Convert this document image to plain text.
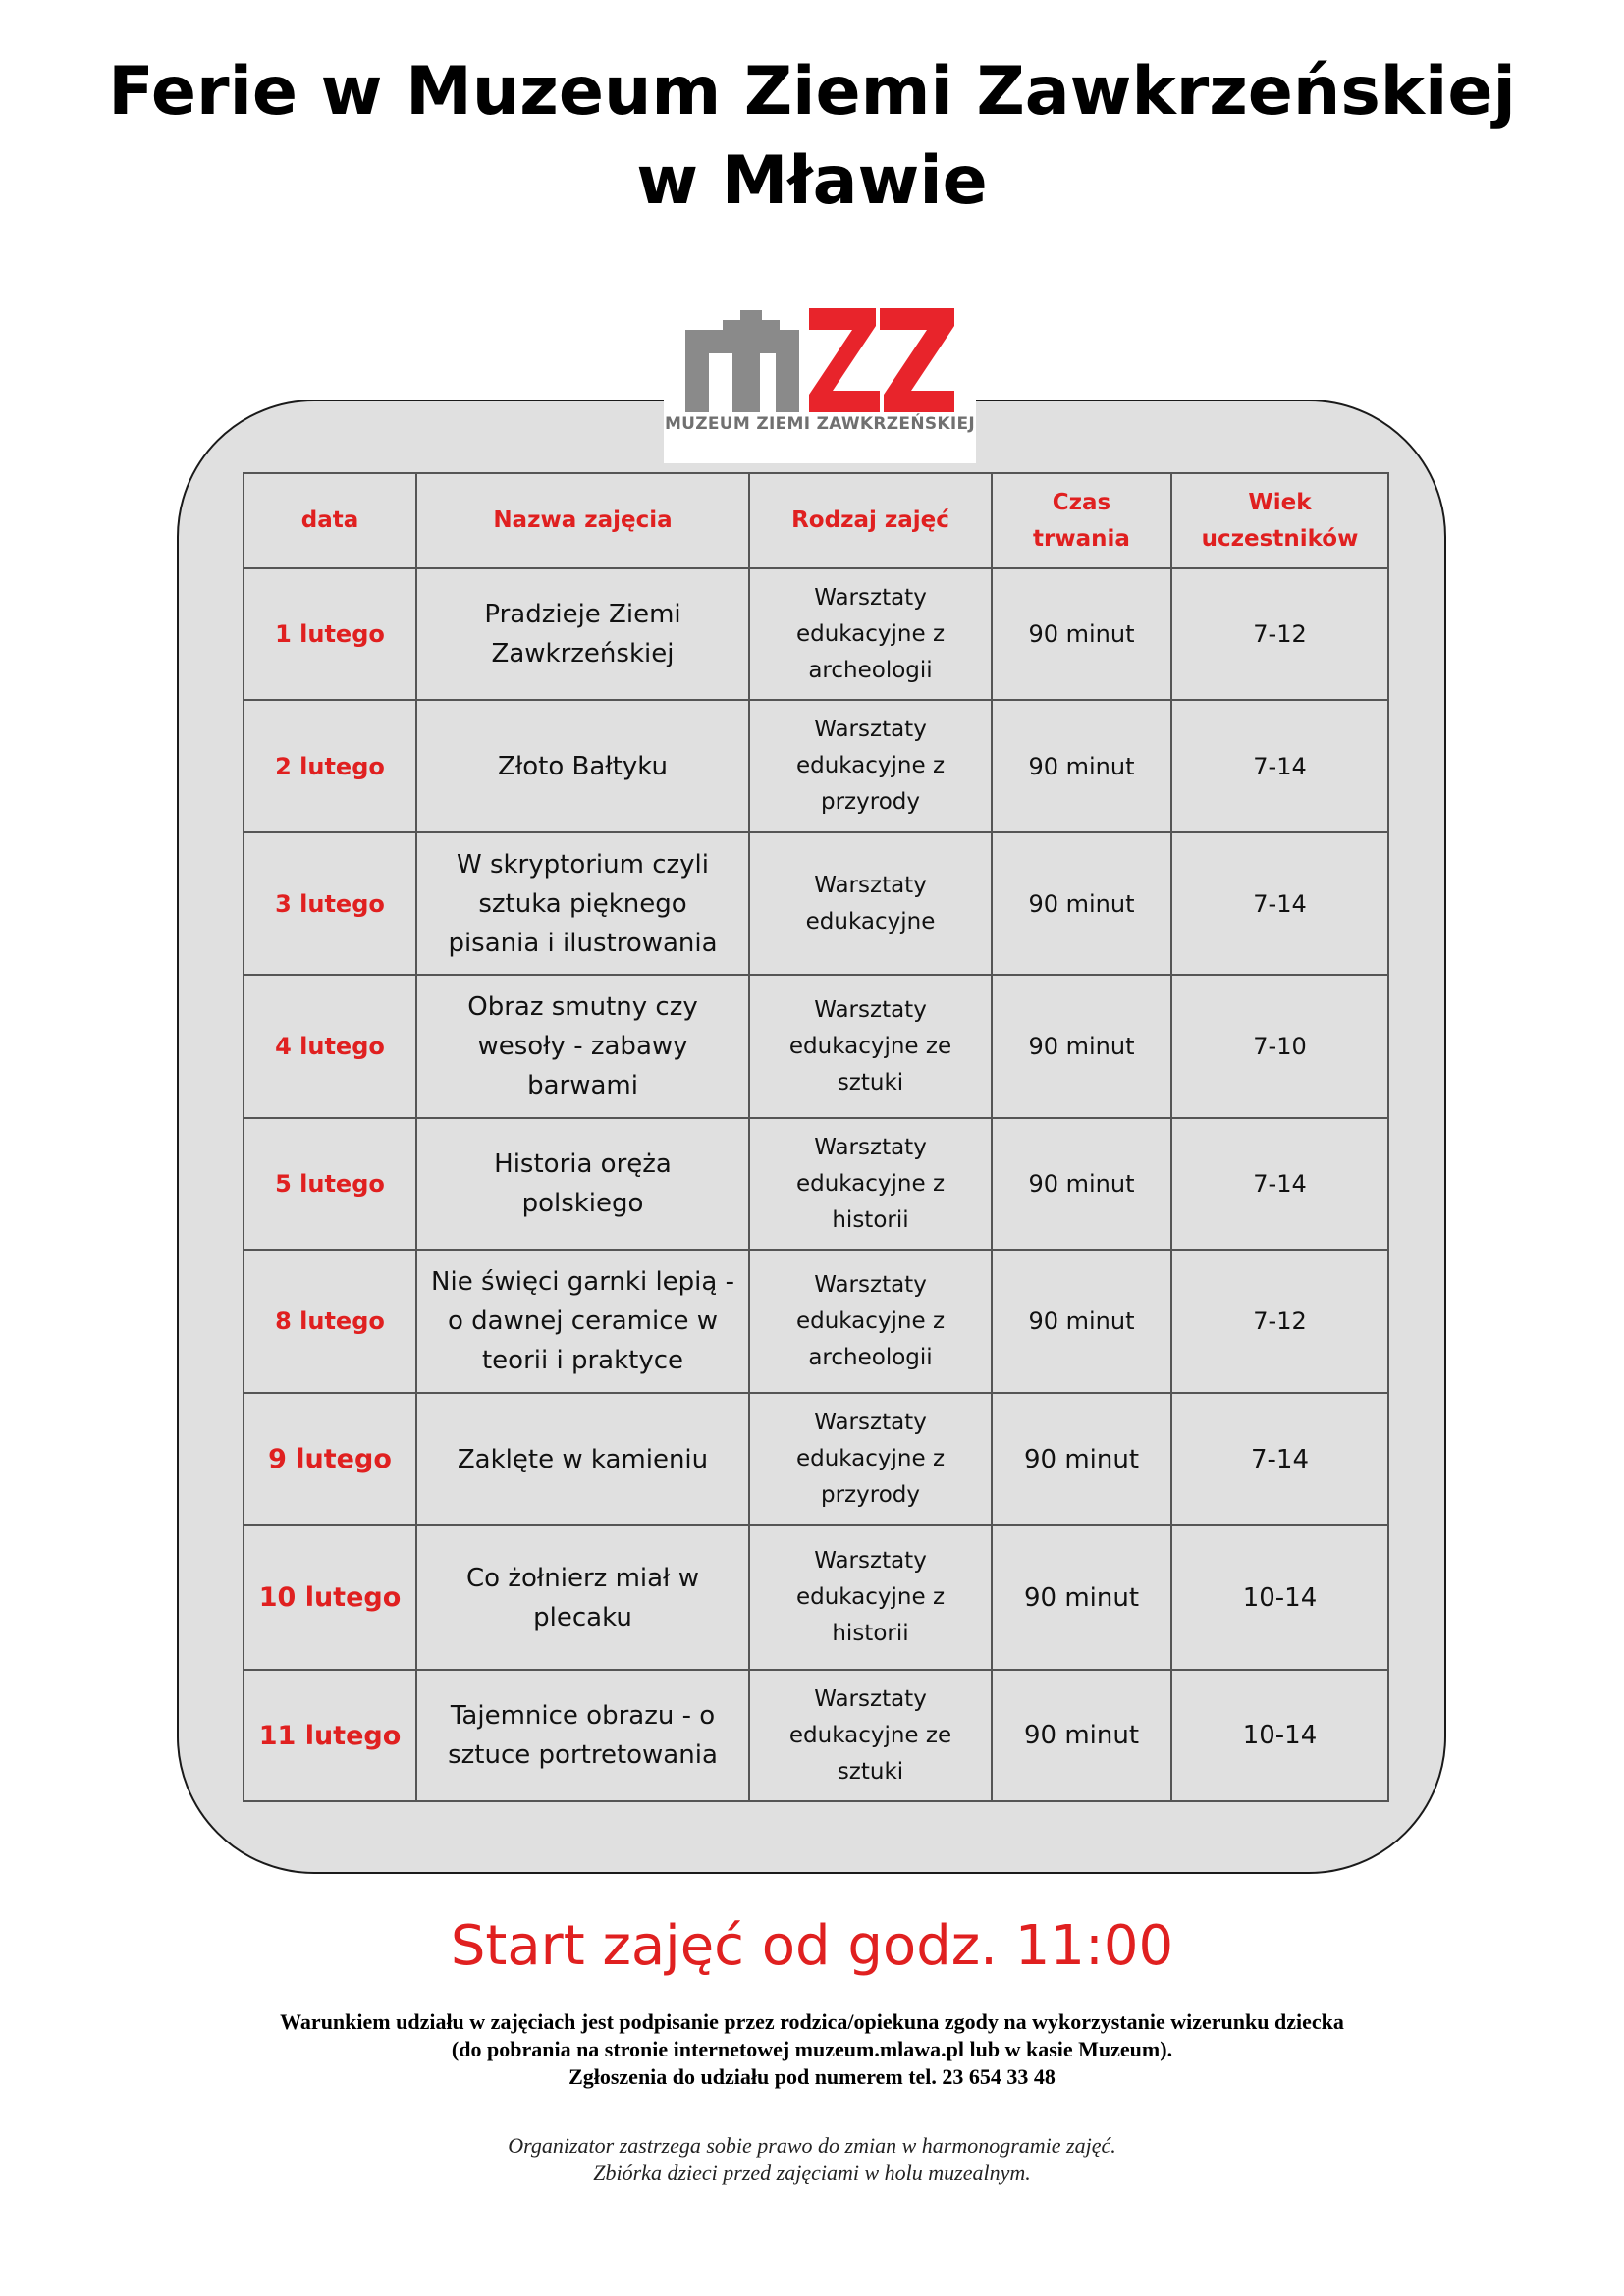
Ferie w Muzeum Ziemi Zawkrzeńskiej
w Mławie
MUZEUM ZIEMI ZAWKRZEŃSKIEJ
data	Nazwa zajęcia	Rodzaj zajęć	Czas trwania	Wiek uczestników
1 lutego	Pradzieje Ziemi Zawkrzeńskiej	Warsztaty edukacyjne z archeologii	90 minut	7-12
2 lutego	Złoto Bałtyku	Warsztaty edukacyjne z przyrody	90 minut	7-14
3 lutego	W skryptorium czyli sztuka pięknego pisania i ilustrowania	Warsztaty edukacyjne	90 minut	7-14
4 lutego	Obraz smutny czy wesoły - zabawy barwami	Warsztaty edukacyjne ze sztuki	90 minut	7-10
5 lutego	Historia oręża polskiego	Warsztaty edukacyjne z historii	90 minut	7-14
8 lutego	Nie święci garnki lepią - o dawnej ceramice w teorii i praktyce	Warsztaty edukacyjne z archeologii	90 minut	7-12
9 lutego	Zaklęte w kamieniu	Warsztaty edukacyjne z przyrody	90 minut	7-14
10 lutego	Co żołnierz miał w plecaku	Warsztaty edukacyjne z historii	90 minut	10-14
11 lutego	Tajemnice obrazu - o sztuce portretowania	Warsztaty edukacyjne ze sztuki	90 minut	10-14
Start zajęć od godz. 11:00
Warunkiem udziału w zajęciach jest podpisanie przez rodzica/opiekuna zgody na wykorzystanie wizerunku dziecka
(do pobrania na stronie internetowej muzeum.mlawa.pl lub w kasie Muzeum).
Zgłoszenia do udziału pod numerem tel. 23 654 33 48
Organizator zastrzega sobie prawo do zmian w harmonogramie zajęć.
Zbiórka dzieci przed zajęciami w holu muzealnym.
